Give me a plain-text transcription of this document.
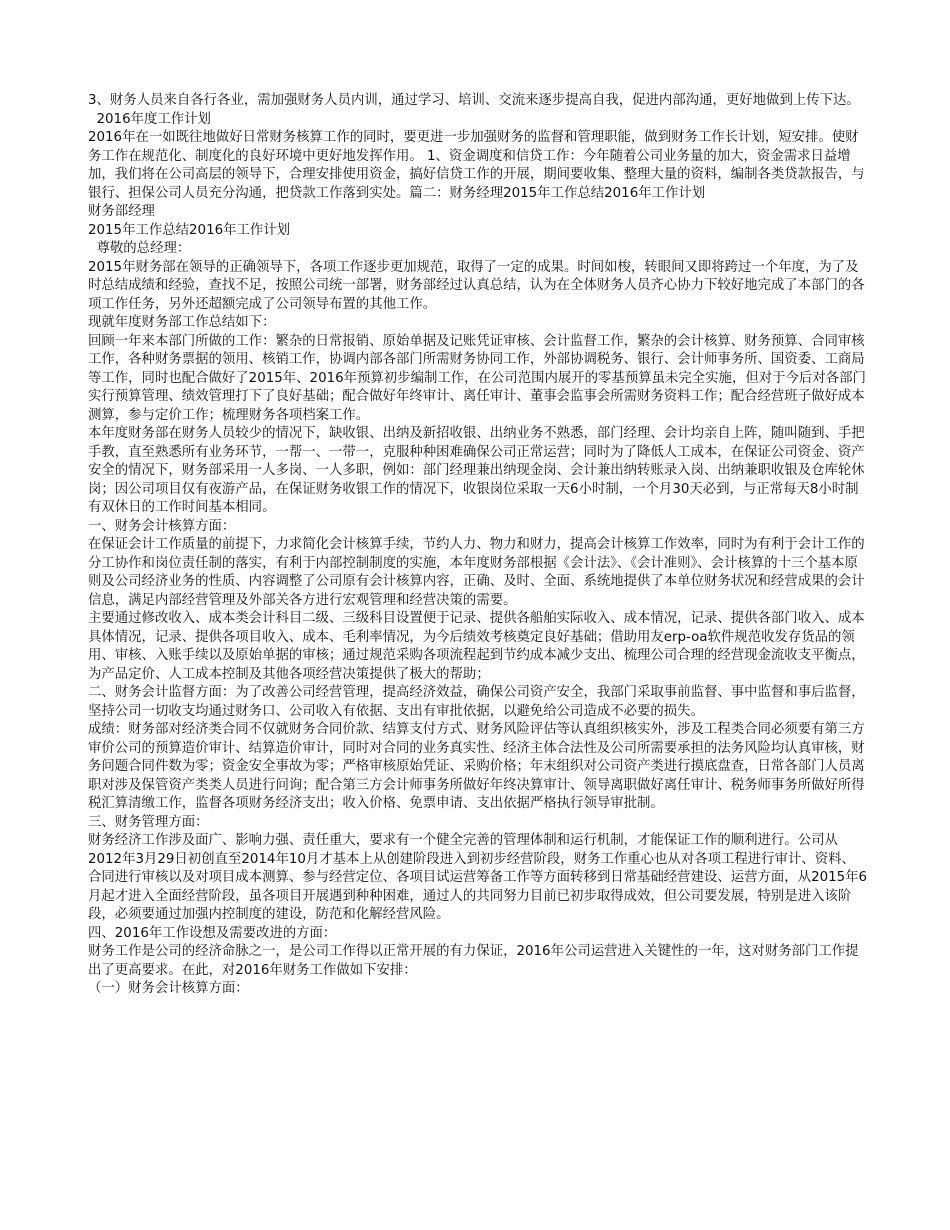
3、财务人员来自各行各业，需加强财务人员内训，通过学习、培训、交流来逐步提高自我，促进内部沟通，更好地做到上传下达。

2016年度工作计划

2016年在一如既往地做好日常财务核算工作的同时，要更进一步加强财务的监督和管理职能，做到财务工作长计划，短安排。使财务工作在规范化、制度化的良好环境中更好地发挥作用。 1、资金调度和信贷工作：今年随着公司业务量的加大，资金需求日益增加，我们将在公司高层的领导下，合理安排使用资金，搞好信贷工作的开展，期间要收集、整理大量的资料，编制各类贷款报告，与银行、担保公司人员充分沟通，把贷款工作落到实处。篇二：财务经理2015年工作总结2016年工作计划

财务部经理

2015年工作总结2016年工作计划

尊敬的总经理：

2015年财务部在领导的正确领导下，各项工作逐步更加规范，取得了一定的成果。时间如梭，转眼间又即将跨过一个年度，为了及时总结成绩和经验，查找不足，按照公司统一部署，财务部经过认真总结，认为在全体财务人员齐心协力下较好地完成了本部门的各项工作任务，另外还超额完成了公司领导布置的其他工作。

现就年度财务部工作总结如下：

回顾一年来本部门所做的工作：繁杂的日常报销、原始单据及记账凭证审核、会计监督工作，繁杂的会计核算、财务预算、合同审核工作，各种财务票据的领用、核销工作，协调内部各部门所需财务协同工作，外部协调税务、银行、会计师事务所、国资委、工商局等工作，同时也配合做好了2015年、2016年预算初步编制工作，在公司范围内展开的零基预算虽未完全实施，但对于今后对各部门实行预算管理、绩效管理打下了良好基础；配合做好年终审计、离任审计、董事会监事会所需财务资料工作；配合经营班子做好成本测算，参与定价工作；梳理财务各项档案工作。

本年度财务部在财务人员较少的情况下，缺收银、出纳及新招收银、出纳业务不熟悉，部门经理、会计均亲自上阵，随叫随到、手把手教，直至熟悉所有业务环节，一帮一、一带一，克服种种困难确保公司正常运营；同时为了降低人工成本，在保证公司资金、资产安全的情况下，财务部采用一人多岗、一人多职，例如：部门经理兼出纳现金岗、会计兼出纳转账录入岗、出纳兼职收银及仓库轮休岗；因公司项目仅有夜游产品，在保证财务收银工作的情况下，收银岗位采取一天6小时制，一个月30天必到，与正常每天8小时制有双休日的工作时间基本相同。

一、财务会计核算方面：

在保证会计工作质量的前提下，力求简化会计核算手续，节约人力、物力和财力，提高会计核算工作效率，同时为有利于会计工作的分工协作和岗位责任制的落实，有利于内部控制制度的实施，本年度财务部根据《会计法》、《会计准则》、会计核算的十三个基本原则及公司经济业务的性质、内容调整了公司原有会计核算内容，正确、及时、全面、系统地提供了本单位财务状况和经营成果的会计信息，满足内部经营管理及外部关各方进行宏观管理和经营决策的需要。

主要通过修改收入、成本类会计科目二级、三级科目设置便于记录、提供各船舶实际收入、成本情况，记录、提供各部门收入、成本具体情况，记录、提供各项目收入、成本、毛利率情况，为今后绩效考核奠定良好基础；借助用友erp-oa软件规范收发存货品的领用、审核、入账手续以及原始单据的审核；通过规范采购各项流程起到节约成本减少支出、梳理公司合理的经营现金流收支平衡点，为产品定价、人工成本控制及其他各项经营决策提供了极大的帮助；

二、财务会计监督方面：为了改善公司经营管理，提高经济效益，确保公司资产安全，我部门采取事前监督、事中监督和事后监督，坚持公司一切收支均通过财务口、公司收入有依据、支出有审批依据，以避免给公司造成不必要的损失。

成绩：财务部对经济类合同不仅就财务合同价款、结算支付方式、财务风险评估等认真组织核实外，涉及工程类合同必须要有第三方审价公司的预算造价审计、结算造价审计，同时对合同的业务真实性、经济主体合法性及公司所需要承担的法务风险均认真审核，财务问题合同件数为零；资金安全事故为零；严格审核原始凭证、采购价格；年末组织对公司资产类进行摸底盘查，日常各部门人员离职对涉及保管资产类类人员进行问询；配合第三方会计师事务所做好年终决算审计、领导离职做好离任审计、税务师事务所做好所得税汇算清缴工作，监督各项财务经济支出；收入价格、免票申请、支出依据严格执行领导审批制。

三、财务管理方面：

财务经济工作涉及面广、影响力强、责任重大，要求有一个健全完善的管理体制和运行机制，才能保证工作的顺利进行。公司从2012年3月29日初创直至2014年10月才基本上从创建阶段进入到初步经营阶段，财务工作重心也从对各项工程进行审计、资料、合同进行审核以及对项目成本测算、参与经营定位、各项目试运营筹备工作等方面转移到日常基础经营建设、运营方面，从2015年6月起才进入全面经营阶段，虽各项目开展遇到种种困难，通过人的共同努力目前已初步取得成效，但公司要发展，特别是进入该阶段，必须要通过加强内控制度的建设，防范和化解经营风险。

四、2016年工作设想及需要改进的方面：

财务工作是公司的经济命脉之一，是公司工作得以正常开展的有力保证，2016年公司运营进入关键性的一年，这对财务部门工作提出了更高要求。在此，对2016年财务工作做如下安排：

（一）财务会计核算方面：
